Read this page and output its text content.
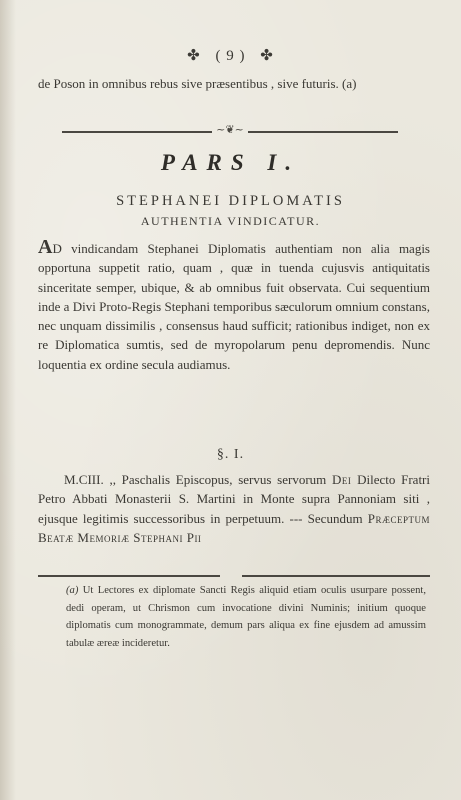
✤ ( 9 ) ✤
de Poson in omnibus rebus sive præsentibus , sive futuris. (a)
~❦~
PARS I.
STEPHANEI DIPLOMATIS
AUTHENTIA VINDICATUR.
AD vindicandam Stephanei Diplomatis authentiam non alia magis opportuna suppetit ratio, quam , quæ in tuenda cujusvis antiquitatis sinceritate semper, ubique, & ab omnibus fuit observata. Cui sequentium inde a Divi Proto-Regis Stephani temporibus sæculorum omnium constans, nec unquam dissimilis , consensus haud sufficit; rationibus indiget, non ex re Diplomatica sumtis, sed de myropolarum penu depromendis. Nunc loquentia ex ordine secula audiamus.
§. I.
M.CIII. ,, Paschalis Episcopus, servus servorum Dei Dilecto Fratri Petro Abbati Monasterii S. Martini in Monte supra Pannoniam siti , ejusque legitimis successoribus in perpetuum. --- Secundum Præceptum Beatæ Memoriæ Stephani Pii
(a) Ut Lectores ex diplomate Sancti Regis aliquid etiam oculis usurpare possent, dedi operam, ut Chrismon cum invocatione divini Numinis; initium quoque diplomatis cum monogrammate, demum pars aliqua ex fine ejusdem ad amussim tabulæ æreæ incideretur.
